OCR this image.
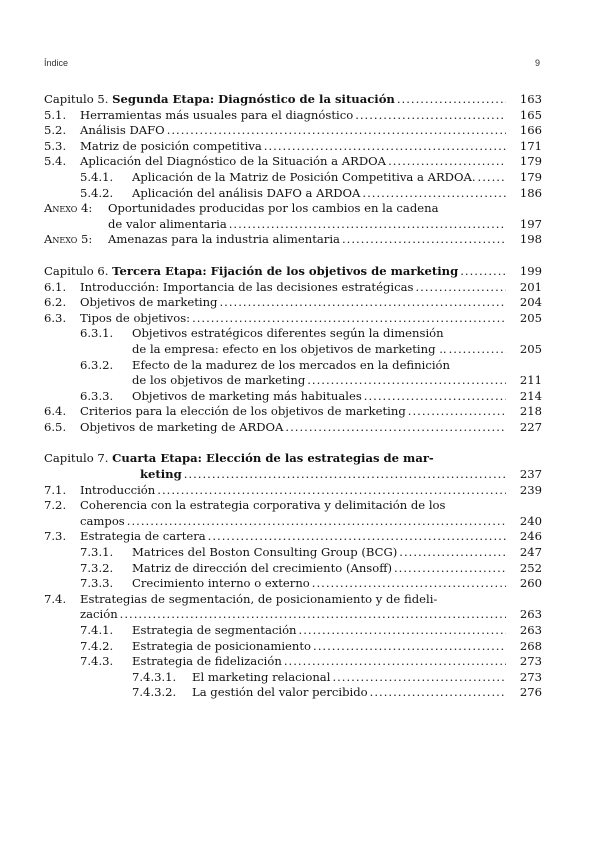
Índice	9
Capitulo 5. Segunda Etapa: Diagnóstico de la situación .....	163
5.1.	Herramientas más usuales para el diagnóstico .....	165
5.2.	Análisis DAFO .....	166
5.3.	Matriz de posición competitiva .....	171
5.4.	Aplicación del Diagnóstico de la Situación a ARDOA .....	179
5.4.1.	Aplicación de la Matriz de Posición Competitiva a ARDOA. .....	179
5.4.2.	Aplicación del análisis DAFO a ARDOA .....	186
Anexo 4:	Oportunidades producidas por los cambios en la cadena
de valor alimentaria .....	197
Anexo 5:	Amenazas para la industria alimentaria .....	198
Capitulo 6. Tercera Etapa: Fijación de los objetivos de marketing .....	199
6.1.	Introducción: Importancia de las decisiones estratégicas .....	201
6.2.	Objetivos de marketing .....	204
6.3.	Tipos de objetivos: .....	205
6.3.1.	Objetivos estratégicos diferentes según la dimensión
de la empresa: efecto en los objetivos de marketing .. .....	205
6.3.2.	Efecto de la madurez de los mercados en la definición
de los objetivos de marketing .....	211
6.3.3.	Objetivos de marketing más habituales .....	214
6.4.	Criterios para la elección de los objetivos de marketing .....	218
6.5.	Objetivos de marketing de ARDOA .....	227
Capitulo 7. Cuarta Etapa: Elección de las estrategias de mar-
keting .....	237
7.1.	Introducción .....	239
7.2.	Coherencia con la estrategia corporativa y delimitación de los
campos .....	240
7.3.	Estrategia de cartera .....	246
7.3.1.	Matrices del Boston Consulting Group (BCG) .....	247
7.3.2.	Matriz de dirección del crecimiento (Ansoff) .....	252
7.3.3.	Crecimiento interno o externo .....	260
7.4.	Estrategias de segmentación, de posicionamiento y de fideli-
zación .....	263
7.4.1.	Estrategia de segmentación .....	263
7.4.2.	Estrategia de posicionamiento .....	268
7.4.3.	Estrategia de fidelización .....	273
7.4.3.1.	El marketing relacional .....	273
7.4.3.2.	La gestión del valor percibido .....	276
